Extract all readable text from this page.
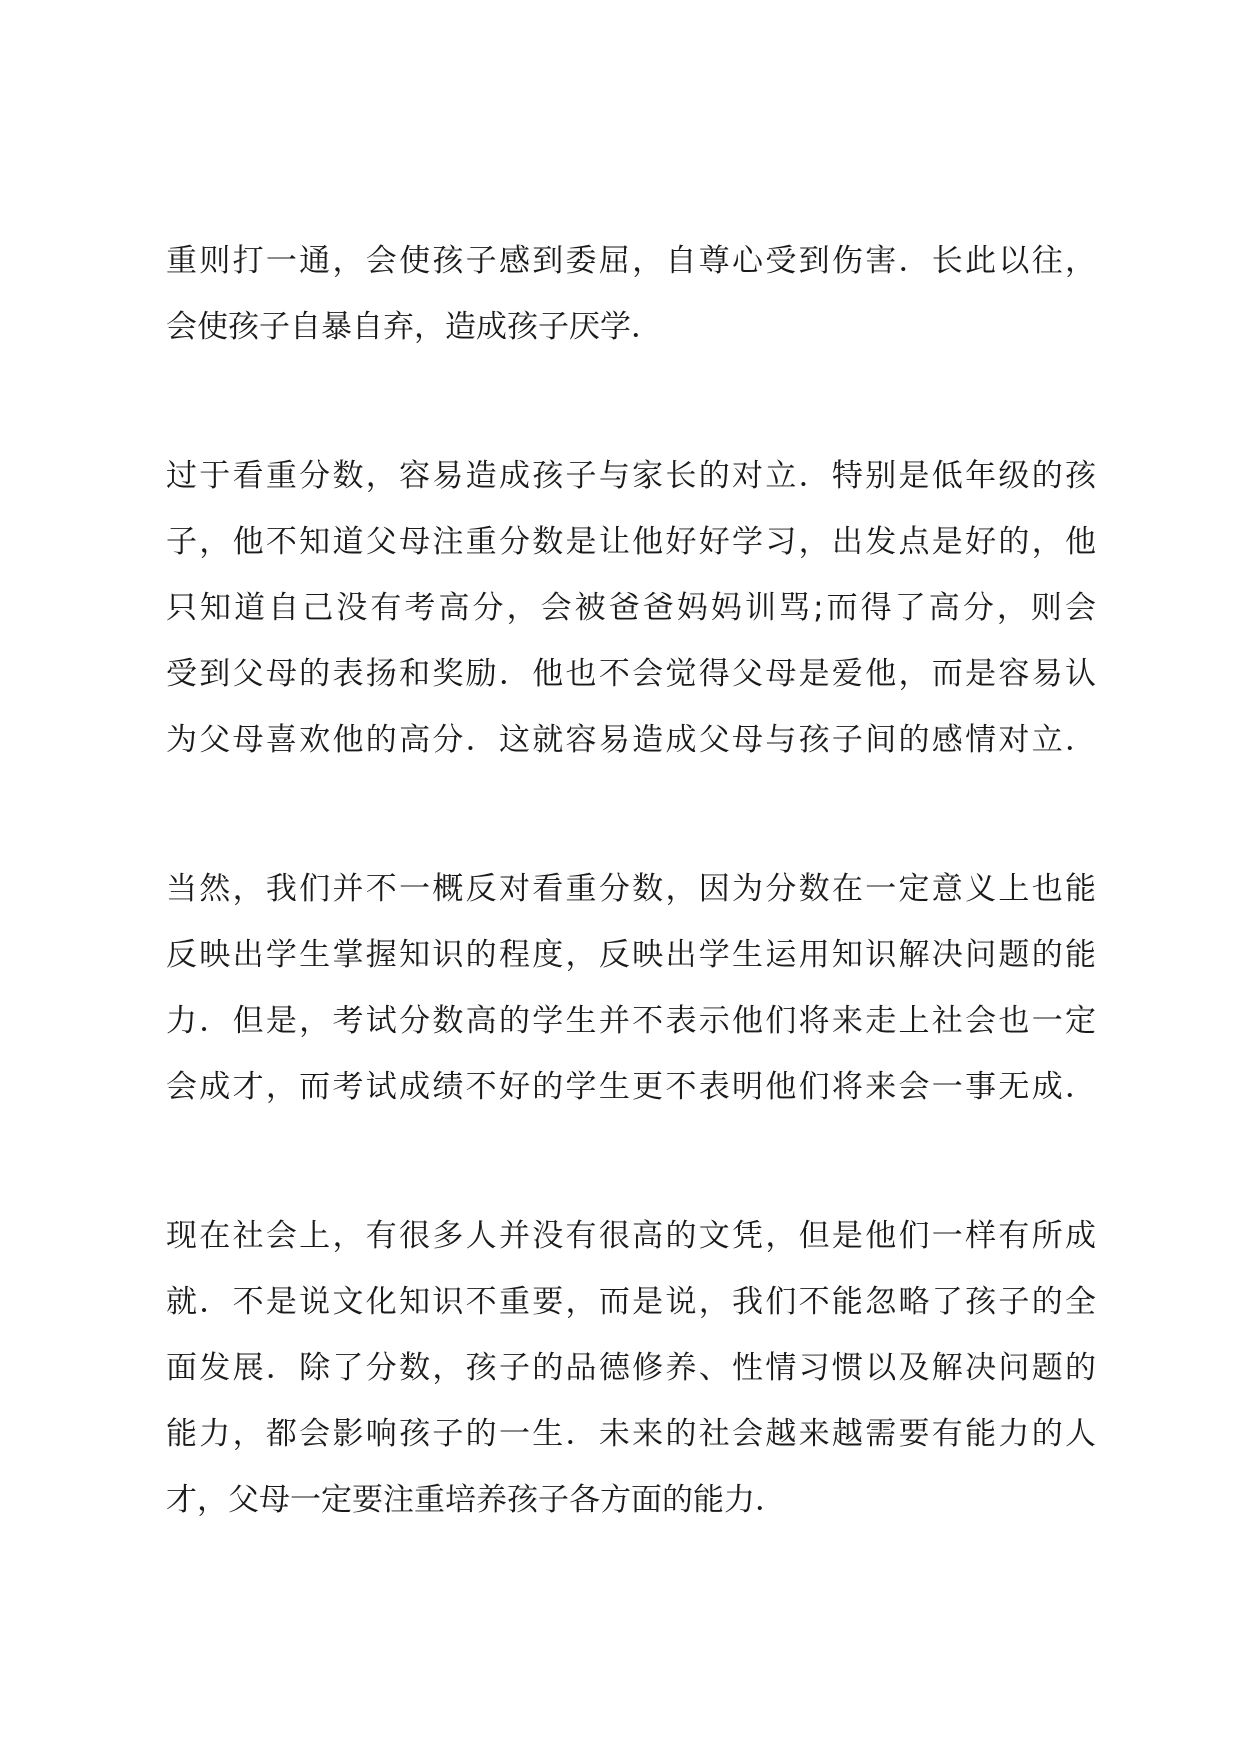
重则打一通，会使孩子感到委屈，自尊心受到伤害．长此以往，
会使孩子自暴自弃，造成孩子厌学．

过于看重分数，容易造成孩子与家长的对立．特别是低年级的孩
子，他不知道父母注重分数是让他好好学习，出发点是好的，他
只知道自己没有考高分，会被爸爸妈妈训骂;而得了高分，则会
受到父母的表扬和奖励．他也不会觉得父母是爱他，而是容易认
为父母喜欢他的高分．这就容易造成父母与孩子间的感情对立．

当然，我们并不一概反对看重分数，因为分数在一定意义上也能
反映出学生掌握知识的程度，反映出学生运用知识解决问题的能
力．但是，考试分数高的学生并不表示他们将来走上社会也一定
会成才，而考试成绩不好的学生更不表明他们将来会一事无成．

现在社会上，有很多人并没有很高的文凭，但是他们一样有所成
就．不是说文化知识不重要，而是说，我们不能忽略了孩子的全
面发展．除了分数，孩子的品德修养、性情习惯以及解决问题的
能力，都会影响孩子的一生．未来的社会越来越需要有能力的人
才，父母一定要注重培养孩子各方面的能力．
